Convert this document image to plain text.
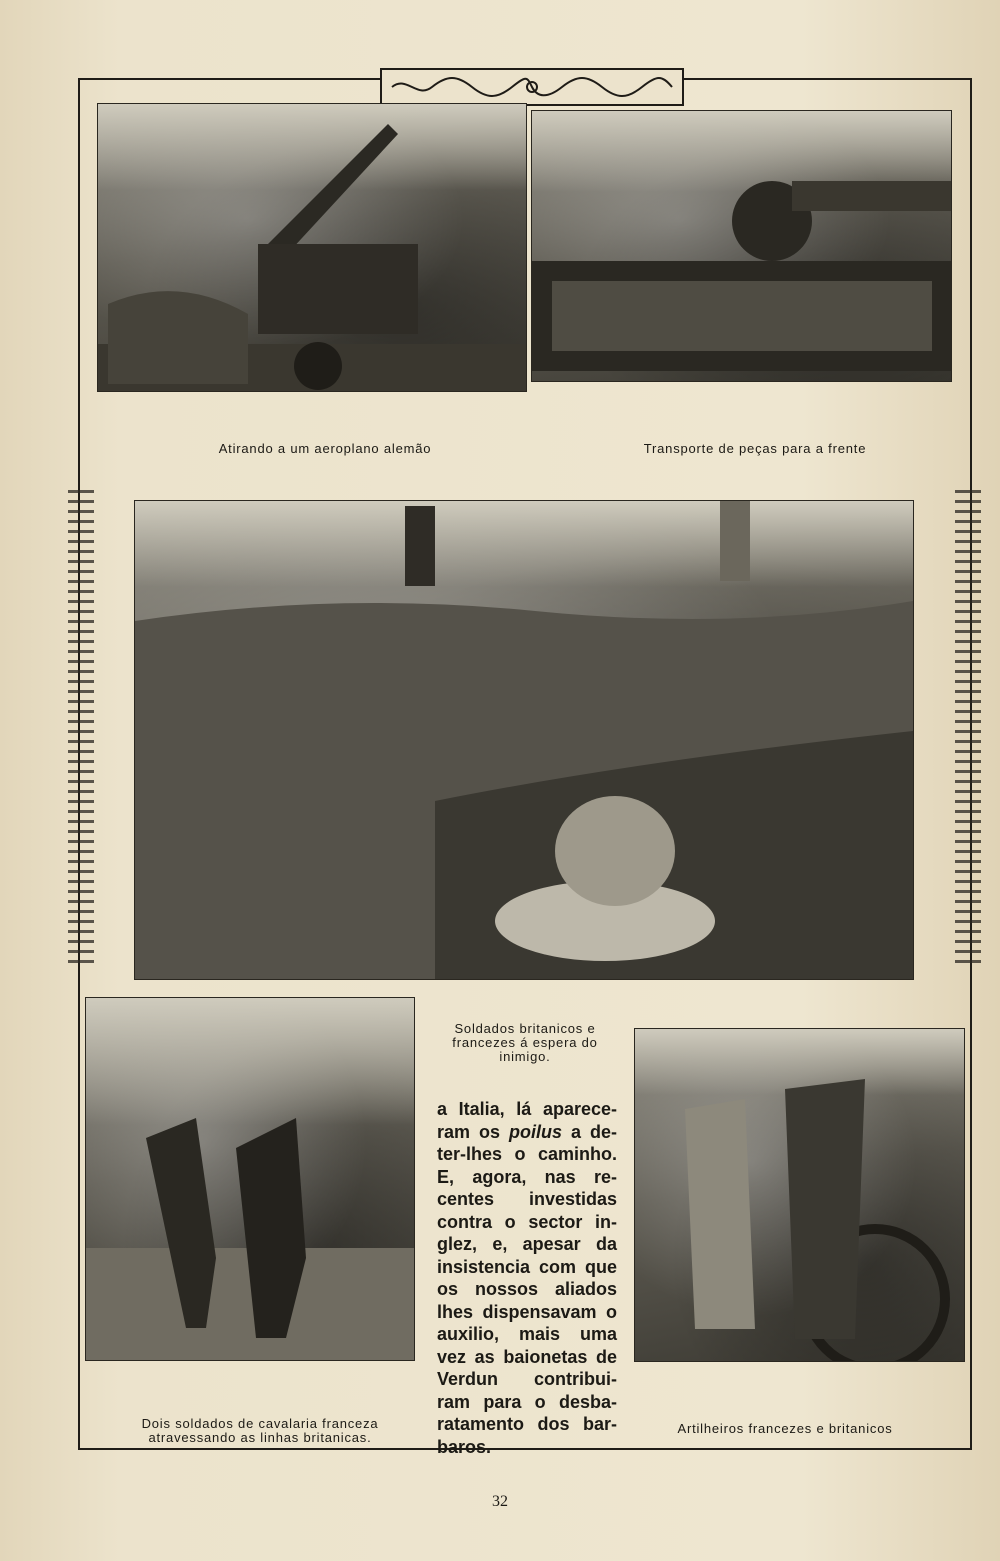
Atirando a um aeroplano alemão	Transporte de peças para a frente
Soldados britanicos e
francezes á espera do
inimigo.
a Italia, lá aparece-
ram os poilus a de-
ter-lhes o caminho.
E, agora, nas re-
centes investidas
contra o sector in-
glez, e, apesar da
insistencia com que
os nossos aliados
lhes dispensavam o
auxilio, mais uma
vez as baionetas de
Verdun contribui-
ram para o desba-
ratamento dos bar-
baros.
Dois soldados de cavalaria franceza
atravessando as linhas britanicas.
Artilheiros francezes e britanicos
32
